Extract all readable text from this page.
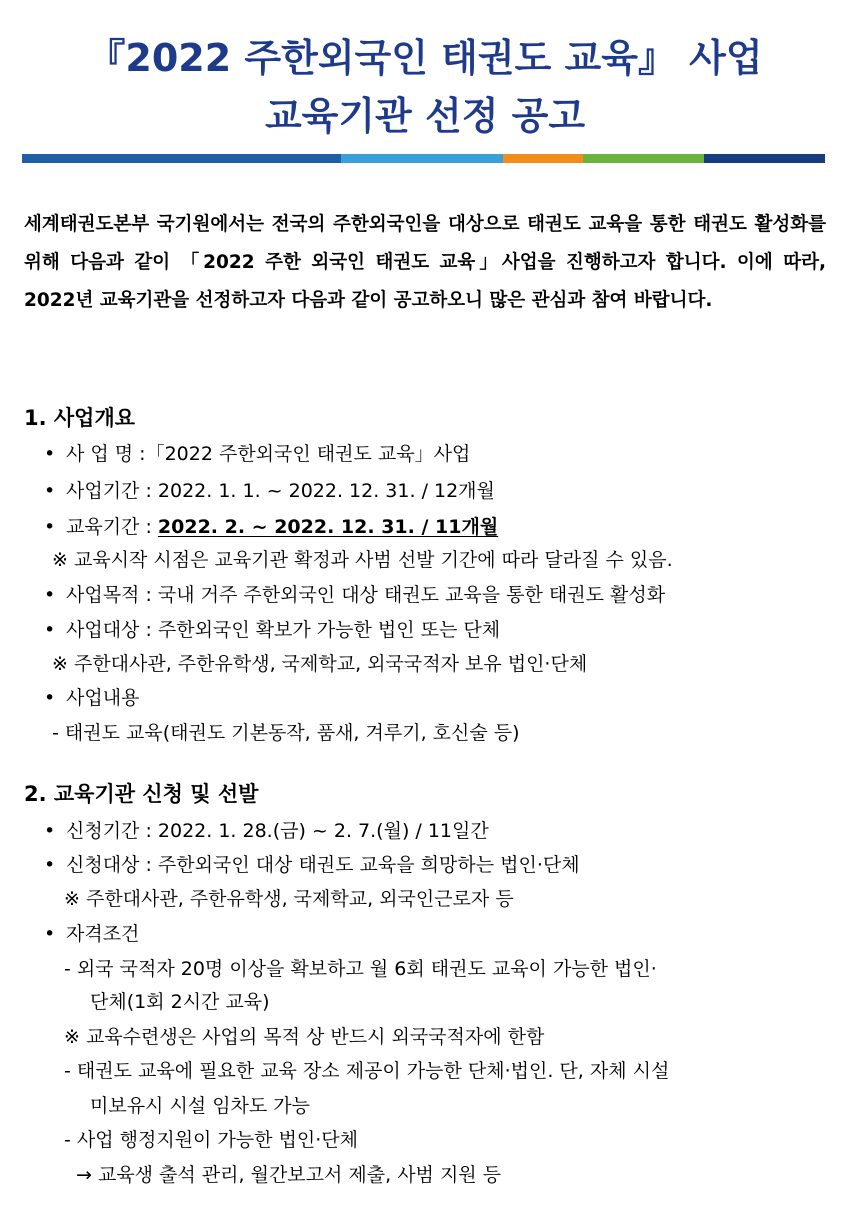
『2022 주한외국인 태권도 교육』 사업
교육기관 선정 공고
세계태권도본부 국기원에서는 전국의 주한외국인을 대상으로 태권도 교육을 통한 태권도 활성화를 위해 다음과 같이 「2022 주한 외국인 태권도 교육」사업을 진행하고자 합니다. 이에 따라, 2022년 교육기관을 선정하고자 다음과 같이 공고하오니 많은 관심과 참여 바랍니다.
1. 사업개요
• 사 업 명 :「2022 주한외국인 태권도 교육」사업
• 사업기간 : 2022. 1. 1. ~ 2022. 12. 31. / 12개월
• 교육기간 : 2022. 2. ~ 2022. 12. 31. / 11개월
※ 교육시작 시점은 교육기관 확정과 사범 선발 기간에 따라 달라질 수 있음.
• 사업목적 : 국내 거주 주한외국인 대상 태권도 교육을 통한 태권도 활성화
• 사업대상 : 주한외국인 확보가 가능한 법인 또는 단체
※ 주한대사관, 주한유학생, 국제학교, 외국국적자 보유 법인·단체
• 사업내용
- 태권도 교육(태권도 기본동작, 품새, 겨루기, 호신술 등)
2. 교육기관 신청 및 선발
• 신청기간 : 2022. 1. 28.(금) ~ 2. 7.(월) / 11일간
• 신청대상 : 주한외국인 대상 태권도 교육을 희망하는 법인·단체
※ 주한대사관, 주한유학생, 국제학교, 외국인근로자 등
• 자격조건
- 외국 국적자 20명 이상을 확보하고 월 6회 태권도 교육이 가능한 법인·
단체(1회 2시간 교육)
※ 교육수련생은 사업의 목적 상 반드시 외국국적자에 한함
- 태권도 교육에 필요한 교육 장소 제공이 가능한 단체·법인. 단, 자체 시설
미보유시 시설 임차도 가능
- 사업 행정지원이 가능한 법인·단체
→ 교육생 출석 관리, 월간보고서 제출, 사범 지원 등
